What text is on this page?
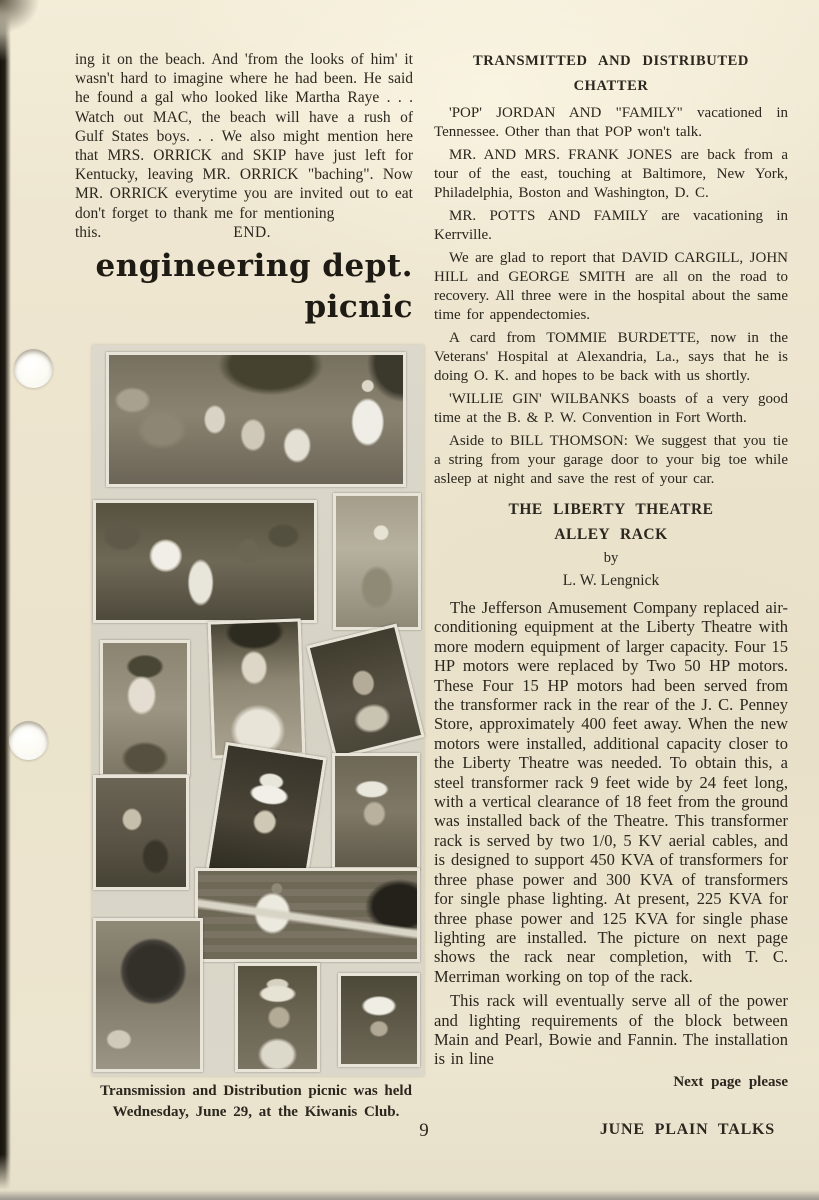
ing it on the beach. And 'from the looks of him' it wasn't hard to imagine where he had been. He said he found a gal who looked like Martha Raye . . . Watch out MAC, the beach will have a rush of Gulf States boys. . . We also might mention here that MRS. ORRICK and SKIP have just left for Kentucky, leaving MR. ORRICK "baching". Now MR. ORRICK everytime you are invited out to eat don't forget to thank me for mentioning

this.	END.
engineering dept.
picnic
Transmission and Distribution picnic was held
Wednesday, June 29, at the Kiwanis Club.
TRANSMITTED AND DISTRIBUTED
CHATTER

'POP' JORDAN AND "FAMILY" vacationed in Tennessee. Other than that POP won't talk.

MR. AND MRS. FRANK JONES are back from a tour of the east, touching at Baltimore, New York, Philadelphia, Boston and Washington, D. C.

MR. POTTS AND FAMILY are vacationing in Kerrville.

We are glad to report that DAVID CARGILL, JOHN HILL and GEORGE SMITH are all on the road to recovery. All three were in the hospital about the same time for appendectomies.

A card from TOMMIE BURDETTE, now in the Veterans' Hospital at Alexandria, La., says that he is doing O. K. and hopes to be back with us shortly.

'WILLIE GIN' WILBANKS boasts of a very good time at the B. & P. W. Convention in Fort Worth.

Aside to BILL THOMSON: We suggest that you tie a string from your garage door to your big toe while asleep at night and save the rest of your car.

THE LIBERTY THEATRE
ALLEY RACK

by

L. W. Lengnick

The Jefferson Amusement Company replaced air-conditioning equipment at the Liberty Theatre with more modern equipment of larger capacity. Four 15 HP motors were replaced by Two 50 HP motors. These Four 15 HP motors had been served from the transformer rack in the rear of the J. C. Penney Store, approximately 400 feet away. When the new motors were installed, additional capacity closer to the Liberty Theatre was needed. To obtain this, a steel transformer rack 9 feet wide by 24 feet long, with a vertical clearance of 18 feet from the ground was installed back of the Theatre. This transformer rack is served by two 1/0, 5 KV aerial cables, and is designed to support 450 KVA of transformers for three phase power and 300 KVA of transformers for single phase lighting. At present, 225 KVA for three phase power and 125 KVA for single phase lighting are installed. The picture on next page shows the rack near completion, with T. C. Merriman working on top of the rack.

This rack will eventually serve all of the power and lighting requirements of the block between Main and Pearl, Bowie and Fannin. The installation is in line

Next page please

9	JUNE PLAIN TALKS
